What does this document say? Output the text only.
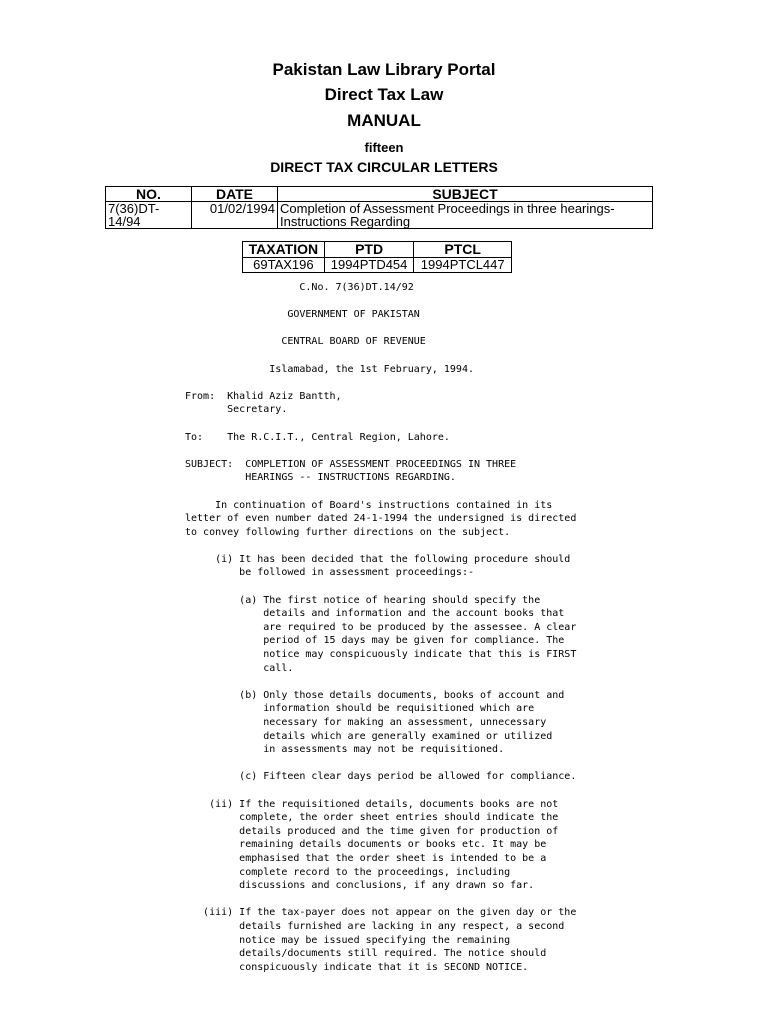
Pakistan Law Library Portal
Direct Tax Law
MANUAL
fifteen
DIRECT TAX CIRCULAR LETTERS
NO.	DATE	SUBJECT
7(36)DT-
14/94	01/02/1994	Completion of Assessment Proceedings in three hearings-
Instructions Regarding
TAXATION	PTD	PTCL
69TAX196	1994PTD454	1994PTCL447
C.No. 7(36)DT.14/92

GOVERNMENT OF PAKISTAN

CENTRAL BOARD OF REVENUE

Islamabad, the 1st February, 1994.

From:  Khalid Aziz Bantth,
Secretary.

To:    The R.C.I.T., Central Region, Lahore.

SUBJECT:  COMPLETION OF ASSESSMENT PROCEEDINGS IN THREE
HEARINGS -- INSTRUCTIONS REGARDING.

In continuation of Board's instructions contained in its
letter of even number dated 24-1-1994 the undersigned is directed
to convey following further directions on the subject.

(i) It has been decided that the following procedure should
be followed in assessment proceedings:-

(a) The first notice of hearing should specify the
details and information and the account books that
are required to be produced by the assessee. A clear
period of 15 days may be given for compliance. The
notice may conspicuously indicate that this is FIRST
call.

(b) Only those details documents, books of account and
information should be requisitioned which are
necessary for making an assessment, unnecessary
details which are generally examined or utilized
in assessments may not be requisitioned.

(c) Fifteen clear days period be allowed for compliance.

(ii) If the requisitioned details, documents books are not
complete, the order sheet entries should indicate the
details produced and the time given for production of
remaining details documents or books etc. It may be
emphasised that the order sheet is intended to be a
complete record to the proceedings, including
discussions and conclusions, if any drawn so far.

(iii) If the tax-payer does not appear on the given day or the
details furnished are lacking in any respect, a second
notice may be issued specifying the remaining
details/documents still required. The notice should
conspicuously indicate that it is SECOND NOTICE.
